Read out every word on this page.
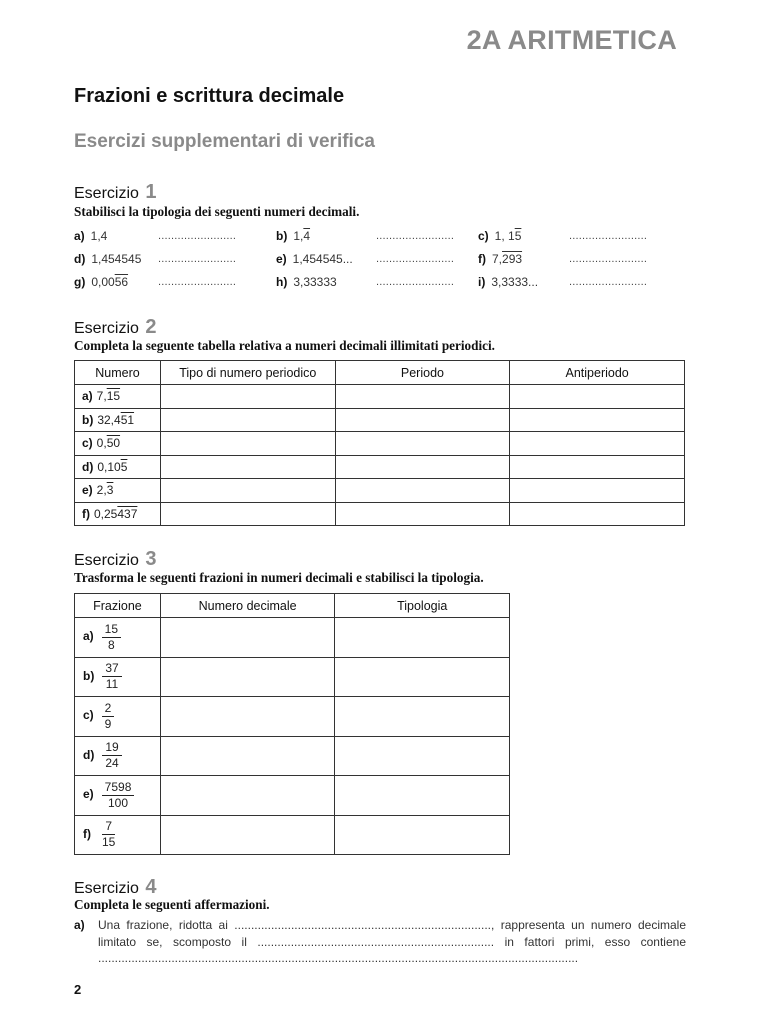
2A ARITMETICA
Frazioni e scrittura decimale
Esercizi supplementari di verifica
Esercizio 1
Stabilisci la tipologia dei seguenti numeri decimali.
a) 1,4	........................	b) 1,4	........................ c) 1, 15	........................
d) 1,454545 ........................	e) 1,454545... ........................ f) 7,293	........................
g) 0,0056	........................	h) 3,33333	........................ i) 3,3333...	........................
Esercizio 2
Completa la seguente tabella relativa a numeri decimali illimitati periodici.
Numero	Tipo di numero periodico	Periodo	Antiperiodo
a) 7,15			
b) 32,451			
c) 0,50			
d) 0,105			
e) 2,3			
f) 0,25437			
Esercizio 3
Trasforma le seguenti frazioni in numeri decimali e stabilisci la tipologia.
Frazione	Numero decimale	Tipologia
$a) \frac{15}{8}$

$b) \frac{37}{11}$

$c) \frac{2}{9}$

$d) \frac{19}{24}$

$e) \frac{7598}{100}$

$f) \frac{7}{15}$

Esercizio 4
Completa le seguenti affermazioni.
a)	Una frazione, ridotta ai ............................................................................., rappresenta un numero decimale limitato se, scomposto il ....................................................................... in fattori primi, esso contiene ................................................................................................................................................
2
